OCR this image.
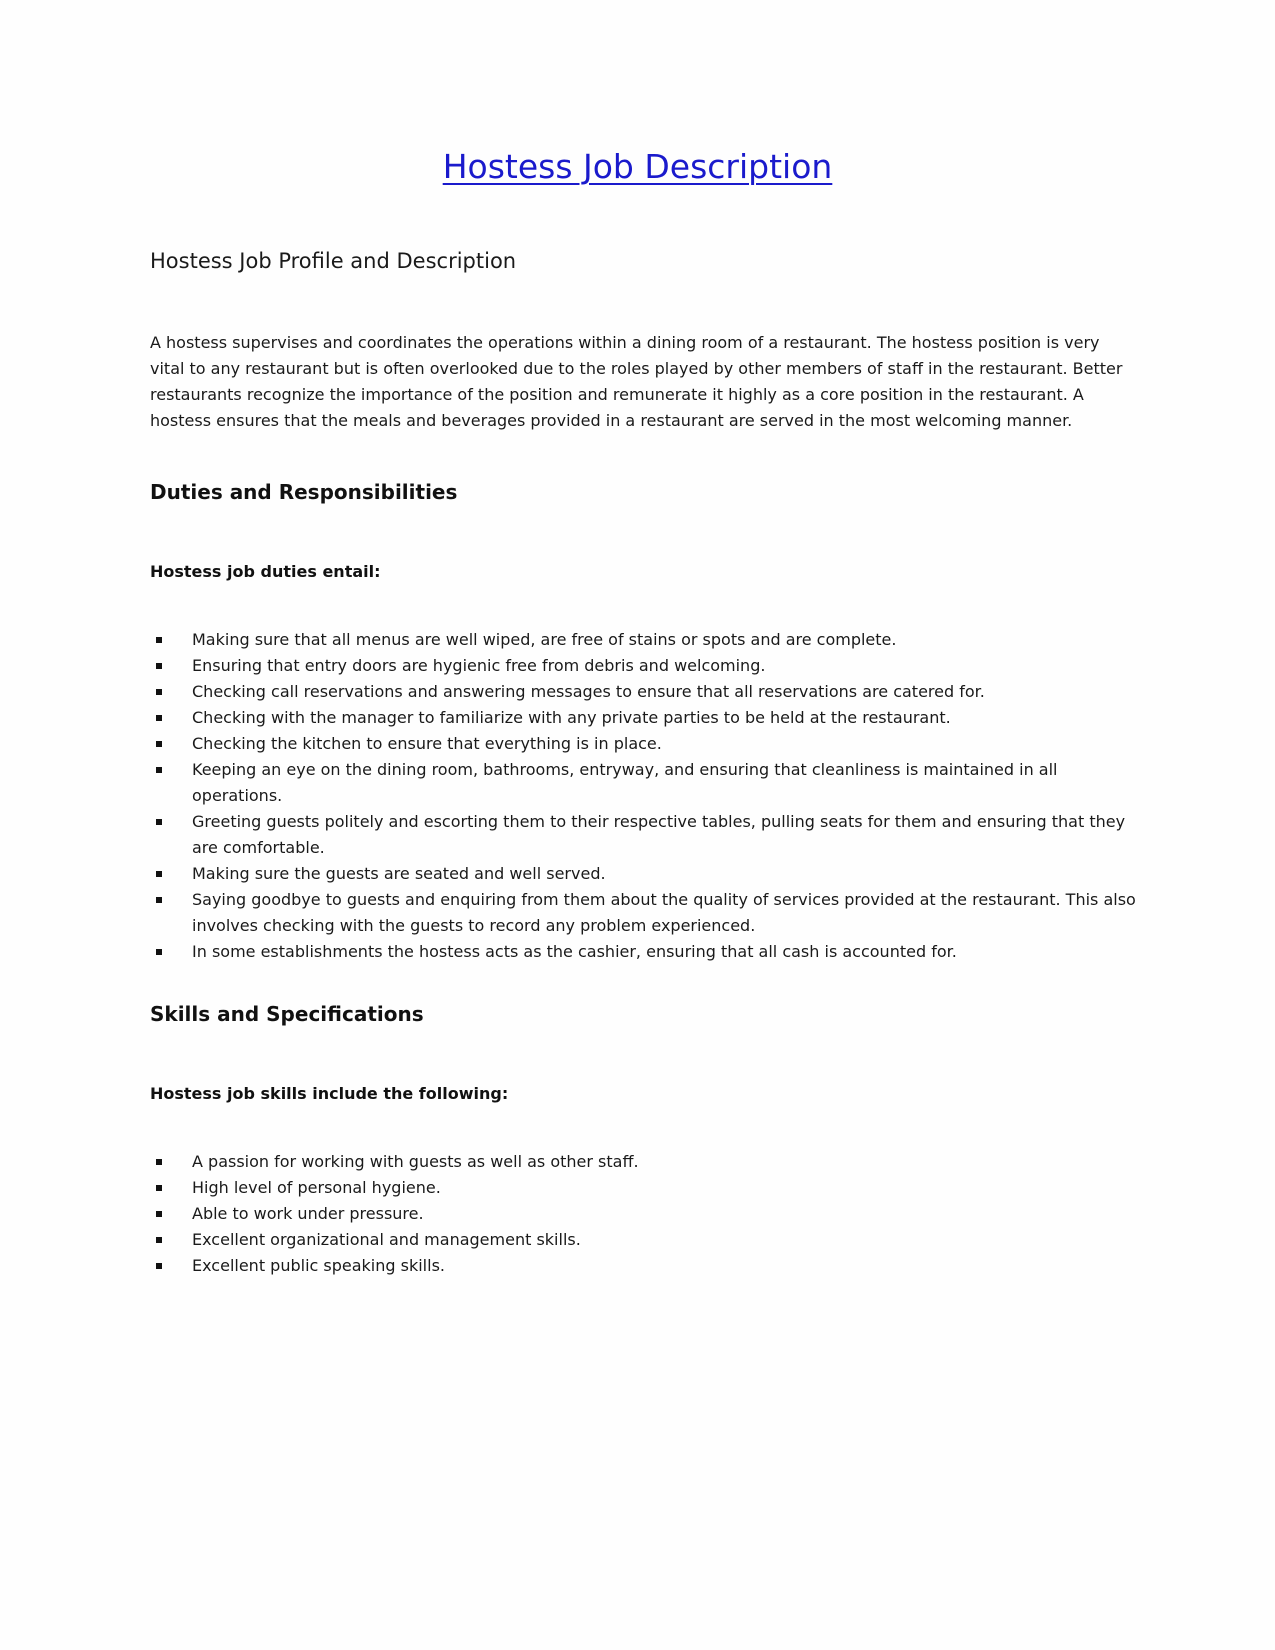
Hostess Job Description
Hostess Job Profile and Description

A hostess supervises and coordinates the operations within a dining room of a restaurant. The hostess position is very vital to any restaurant but is often overlooked due to the roles played by other members of staff in the restaurant. Better restaurants recognize the importance of the position and remunerate it highly as a core position in the restaurant. A hostess ensures that the meals and beverages provided in a restaurant are served in the most welcoming manner.

Duties and Responsibilities
Hostess job duties entail:
Making sure that all menus are well wiped, are free of stains or spots and are complete.
Ensuring that entry doors are hygienic free from debris and welcoming.
Checking call reservations and answering messages to ensure that all reservations are catered for.
Checking with the manager to familiarize with any private parties to be held at the restaurant.
Checking the kitchen to ensure that everything is in place.
Keeping an eye on the dining room, bathrooms, entryway, and ensuring that cleanliness is maintained in all operations.
Greeting guests politely and escorting them to their respective tables, pulling seats for them and ensuring that they are comfortable.
Making sure the guests are seated and well served.
Saying goodbye to guests and enquiring from them about the quality of services provided at the restaurant. This also involves checking with the guests to record any problem experienced.
In some establishments the hostess acts as the cashier, ensuring that all cash is accounted for.
Skills and Specifications
Hostess job skills include the following:
A passion for working with guests as well as other staff.
High level of personal hygiene.
Able to work under pressure.
Excellent organizational and management skills.
Excellent public speaking skills.
